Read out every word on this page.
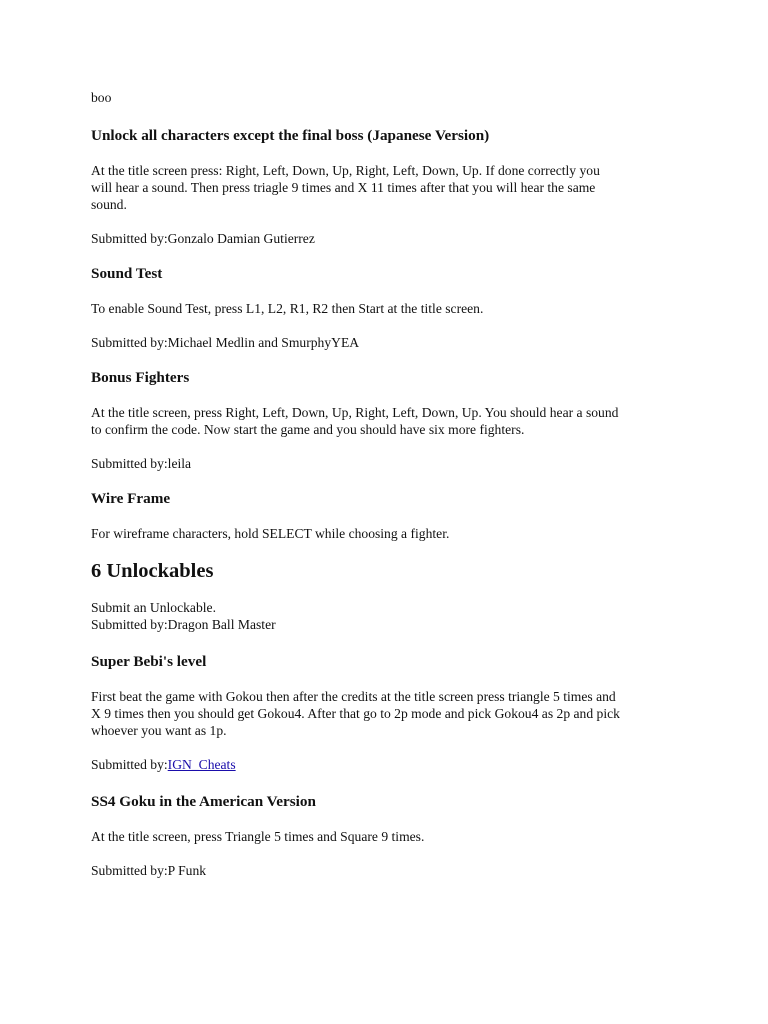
boo

Unlock all characters except the final boss (Japanese Version)

At the title screen press: Right, Left, Down, Up, Right, Left, Down, Up. If done correctly you

will hear a sound. Then press triagle 9 times and X 11 times after that you will hear the same

sound.

Submitted by:Gonzalo Damian Gutierrez

Sound Test

To enable Sound Test, press L1, L2, R1, R2 then Start at the title screen.

Submitted by:Michael Medlin and SmurphyYEA

Bonus Fighters

At the title screen, press Right, Left, Down, Up, Right, Left, Down, Up. You should hear a sound

to confirm the code. Now start the game and you should have six more fighters.

Submitted by:leila

Wire Frame

For wireframe characters, hold SELECT while choosing a fighter.

6 Unlockables

Submit an Unlockable.

Submitted by:Dragon Ball Master

Super Bebi's level

First beat the game with Gokou then after the credits at the title screen press triangle 5 times and

X 9 times then you should get Gokou4. After that go to 2p mode and pick Gokou4 as 2p and pick

whoever you want as 1p.

Submitted by:IGN_Cheats

SS4 Goku in the American Version

At the title screen, press Triangle 5 times and Square 9 times.

Submitted by:P Funk
